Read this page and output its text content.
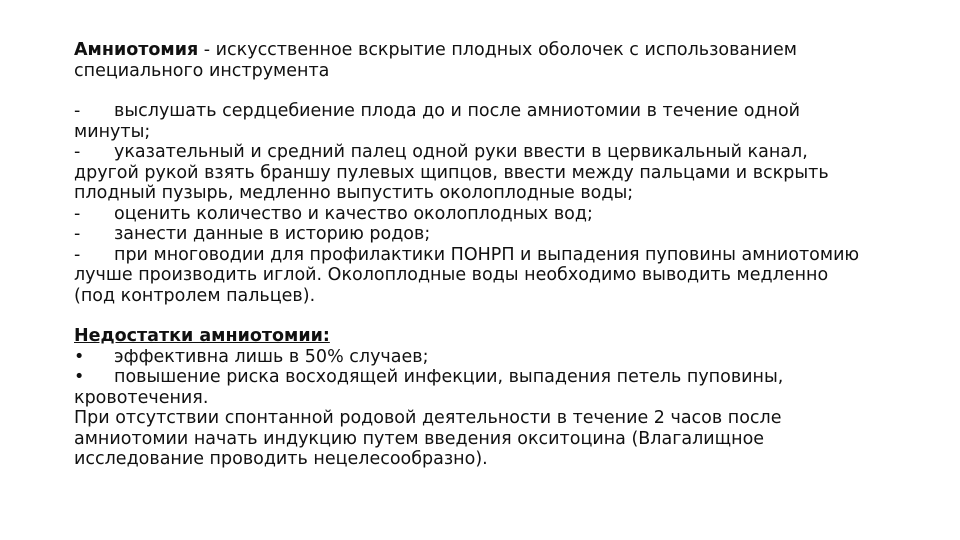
Амниотомия - искусственное вскрытие плодных оболочек с использованием специального инструмента

- выслушать сердцебиение плода до и после амниотомии в течение одной минуты;
- указательный и средний палец одной руки ввести в цервикальный канал, другой рукой взять браншу пулевых щипцов, ввести между пальцами и вскрыть плодный пузырь, медленно выпустить околоплодные воды;
- оценить количество и качество околоплодных вод;
- занести данные в историю родов;
- при многоводии для профилактики ПОНРП и выпадения пуповины амниотомию лучше производить иглой. Околоплодные воды необходимо выводить медленно (под контролем пальцев).
Недостатки амниотомии:
• эффективна лишь в 50% случаев;
• повышение риска восходящей инфекции, выпадения петель пуповины, кровотечения.
При отсутствии спонтанной родовой деятельности в течение 2 часов после амниотомии начать индукцию путем введения окситоцина (Влагалищное исследование проводить нецелесообразно).
